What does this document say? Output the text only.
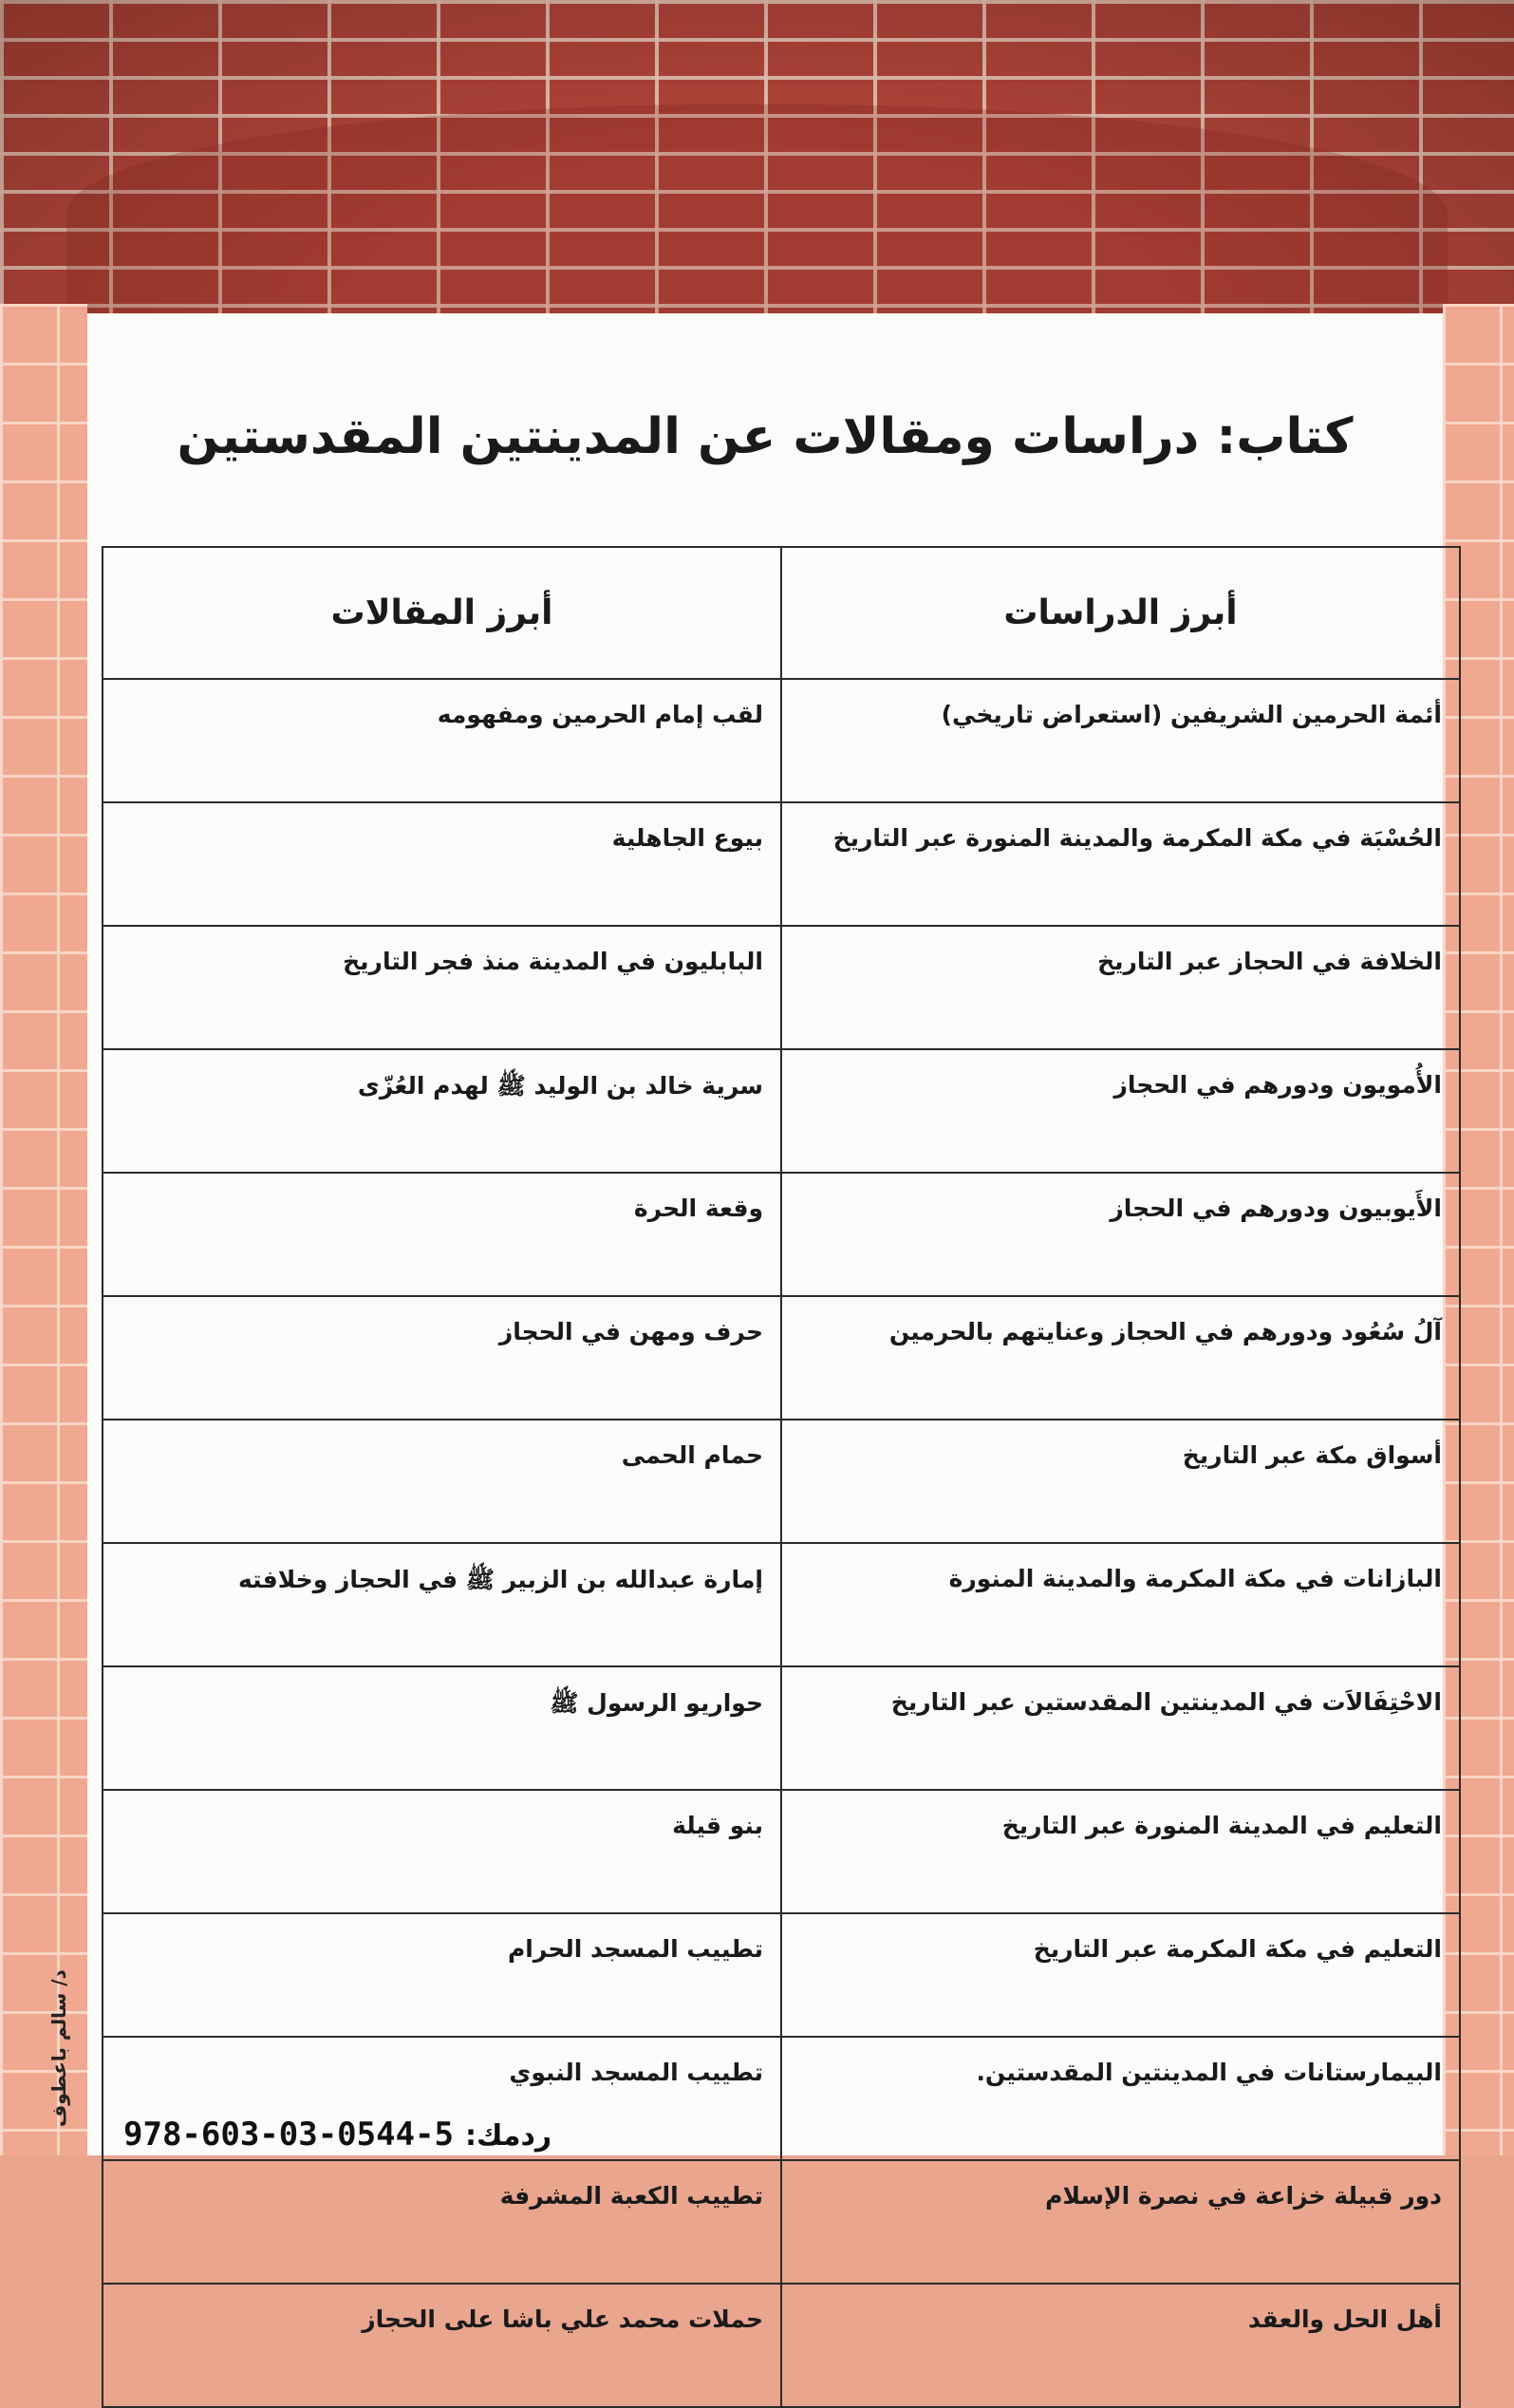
كتاب: دراسات ومقالات عن المدينتين المقدستين
أبرز الدراسات	أبرز المقالات
أئمة الحرمين الشريفين (استعراض تاريخي)	لقب إمام الحرمين ومفهومه
الحُسْبَة في مكة المكرمة والمدينة المنورة عبر التاريخ	بيوع الجاهلية
الخلافة في الحجاز عبر التاريخ	البابليون في المدينة منذ فجر التاريخ
الأُمويون ودورهم في الحجاز	سرية خالد بن الوليد ﷺ لهدم العُزّى
الأَيوبيون ودورهم في الحجاز	وقعة الحرة
آلُ سُعُود ودورهم في الحجاز وعنايتهم بالحرمين	حرف ومهن في الحجاز
أسواق مكة عبر التاريخ	حمام الحمى
البازانات في مكة المكرمة والمدينة المنورة	إمارة عبدالله بن الزبير ﷺ في الحجاز وخلافته
الاحْتِفَالاَت في المدينتين المقدستين عبر التاريخ	حواريو الرسول ﷺ
التعليم في المدينة المنورة عبر التاريخ	بنو قيلة
التعليم في مكة المكرمة عبر التاريخ	تطييب المسجد الحرام
البيمارستانات في المدينتين المقدستين.	تطييب المسجد النبوي
دور قبيلة خزاعة في نصرة الإسلام	تطييب الكعبة المشرفة
أهل الحل والعقد	حملات محمد علي باشا على الحجاز
د/ سالم باعطوف
ردمك:
978-603-03-0544-5
